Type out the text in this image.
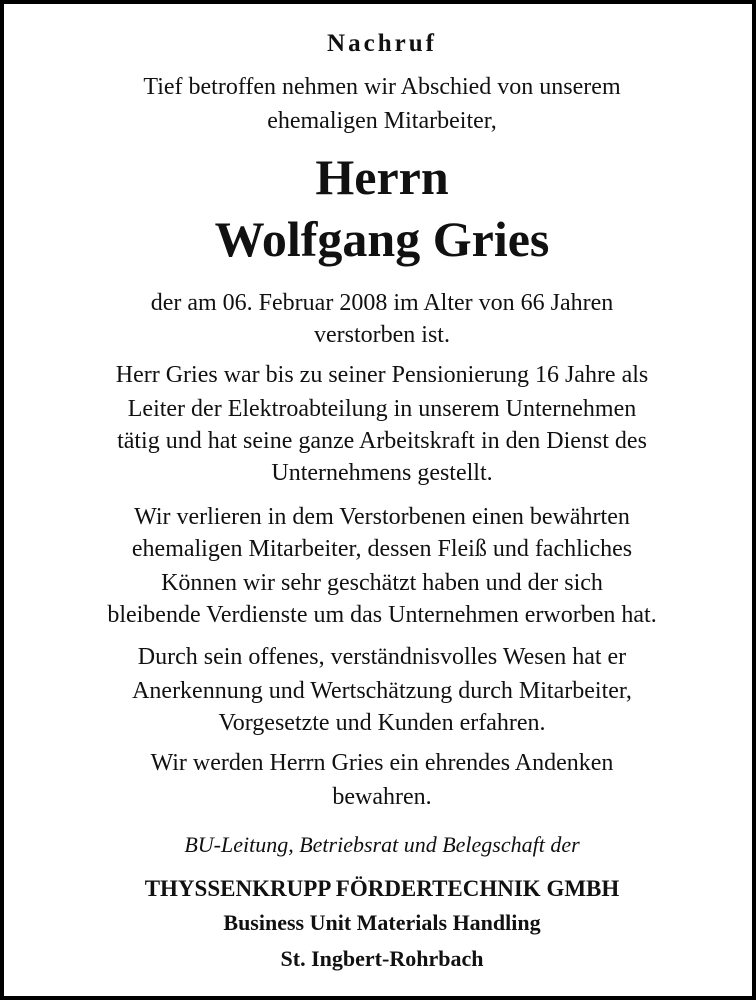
Nachruf

Tief betroffen nehmen wir Abschied von unserem

ehemaligen Mitarbeiter,

Herrn

Wolfgang Gries

der am 06. Februar 2008 im Alter von 66 Jahren

verstorben ist.

Herr Gries war bis zu seiner Pensionierung 16 Jahre als

Leiter der Elektroabteilung in unserem Unternehmen

tätig und hat seine ganze Arbeitskraft in den Dienst des

Unternehmens gestellt.

Wir verlieren in dem Verstorbenen einen bewährten

ehemaligen Mitarbeiter, dessen Fleiß und fachliches

Können wir sehr geschätzt haben und der sich

bleibende Verdienste um das Unternehmen erworben hat.

Durch sein offenes, verständnisvolles Wesen hat er

Anerkennung und Wertschätzung durch Mitarbeiter,

Vorgesetzte und Kunden erfahren.

Wir werden Herrn Gries ein ehrendes Andenken

bewahren.

BU-Leitung, Betriebsrat und Belegschaft der

THYSSENKRUPP FÖRDERTECHNIK GMBH

Business Unit Materials Handling

St. Ingbert-Rohrbach
